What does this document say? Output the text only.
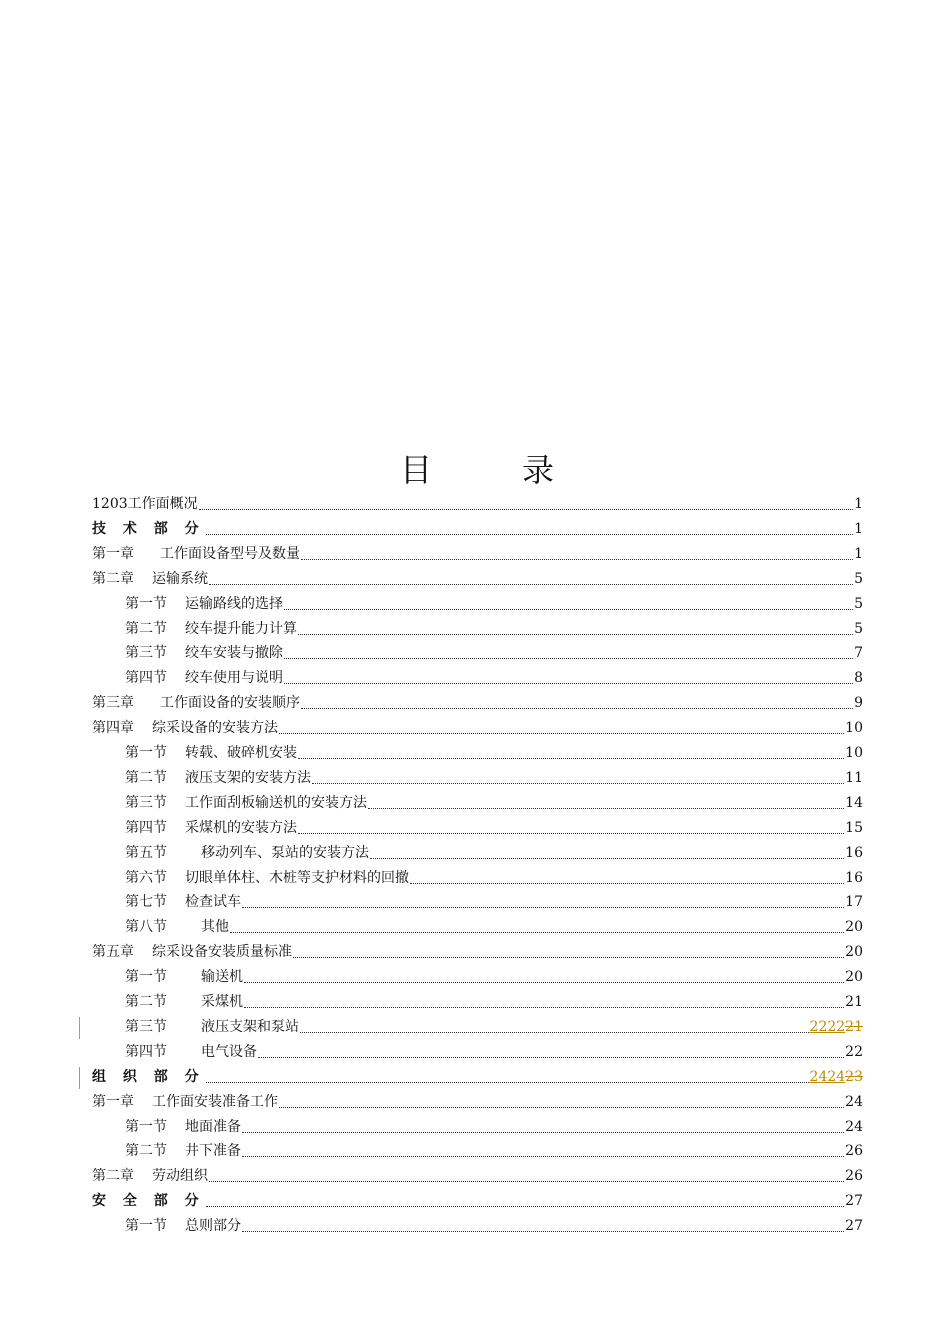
目	录
1203工作面概况	1
技 术 部 分	1
第一章 工作面设备型号及数量	1
第二章 运输系统	5
第一节 运输路线的选择	5
第二节 绞车提升能力计算	5
第三节 绞车安装与撤除	7
第四节 绞车使用与说明	8
第三章 工作面设备的安装顺序	9
第四章 综采设备的安装方法	10
第一节 转载、破碎机安装	10
第二节 液压支架的安装方法	11
第三节 工作面刮板输送机的安装方法	14
第四节 采煤机的安装方法	15
第五节 移动列车、泵站的安装方法	16
第六节 切眼单体柱、木桩等支护材料的回撤	16
第七节 检查试车	17
第八节 其他	20
第五章 综采设备安装质量标准	20
第一节 输送机	20
第二节 采煤机	21
第三节 液压支架和泵站	222221
第四节 电气设备	22
组 织 部 分	242423
第一章 工作面安装准备工作	24
第一节 地面准备	24
第二节 井下准备	26
第二章 劳动组织	26
安 全 部 分	27
第一节 总则部分	27
